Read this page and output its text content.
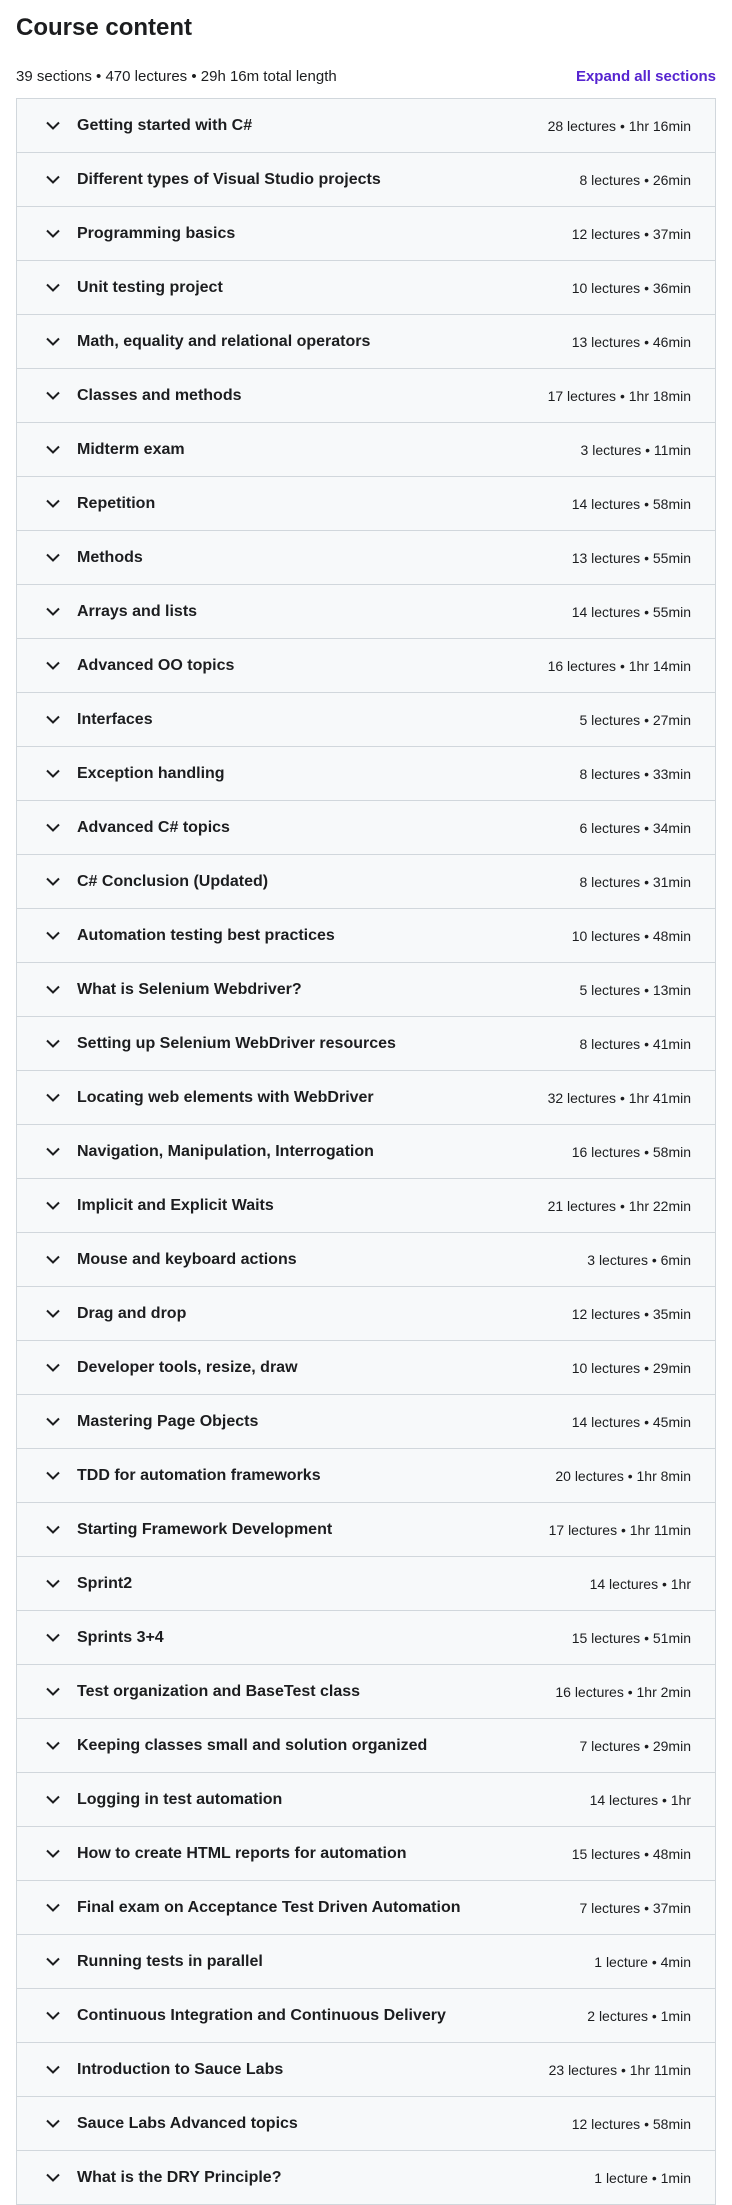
Course content
39 sections • 470 lectures • 29h 16m total length	Expand all sections
Getting started with C#	28 lectures • 1hr 16min
Different types of Visual Studio projects	8 lectures • 26min
Programming basics	12 lectures • 37min
Unit testing project	10 lectures • 36min
Math, equality and relational operators	13 lectures • 46min
Classes and methods	17 lectures • 1hr 18min
Midterm exam	3 lectures • 11min
Repetition	14 lectures • 58min
Methods	13 lectures • 55min
Arrays and lists	14 lectures • 55min
Advanced OO topics	16 lectures • 1hr 14min
Interfaces	5 lectures • 27min
Exception handling	8 lectures • 33min
Advanced C# topics	6 lectures • 34min
C# Conclusion (Updated)	8 lectures • 31min
Automation testing best practices	10 lectures • 48min
What is Selenium Webdriver?	5 lectures • 13min
Setting up Selenium WebDriver resources	8 lectures • 41min
Locating web elements with WebDriver	32 lectures • 1hr 41min
Navigation, Manipulation, Interrogation	16 lectures • 58min
Implicit and Explicit Waits	21 lectures • 1hr 22min
Mouse and keyboard actions	3 lectures • 6min
Drag and drop	12 lectures • 35min
Developer tools, resize, draw	10 lectures • 29min
Mastering Page Objects	14 lectures • 45min
TDD for automation frameworks	20 lectures • 1hr 8min
Starting Framework Development	17 lectures • 1hr 11min
Sprint2	14 lectures • 1hr
Sprints 3+4	15 lectures • 51min
Test organization and BaseTest class	16 lectures • 1hr 2min
Keeping classes small and solution organized	7 lectures • 29min
Logging in test automation	14 lectures • 1hr
How to create HTML reports for automation	15 lectures • 48min
Final exam on Acceptance Test Driven Automation	7 lectures • 37min
Running tests in parallel	1 lecture • 4min
Continuous Integration and Continuous Delivery	2 lectures • 1min
Introduction to Sauce Labs	23 lectures • 1hr 11min
Sauce Labs Advanced topics	12 lectures • 58min
What is the DRY Principle?	1 lecture • 1min
